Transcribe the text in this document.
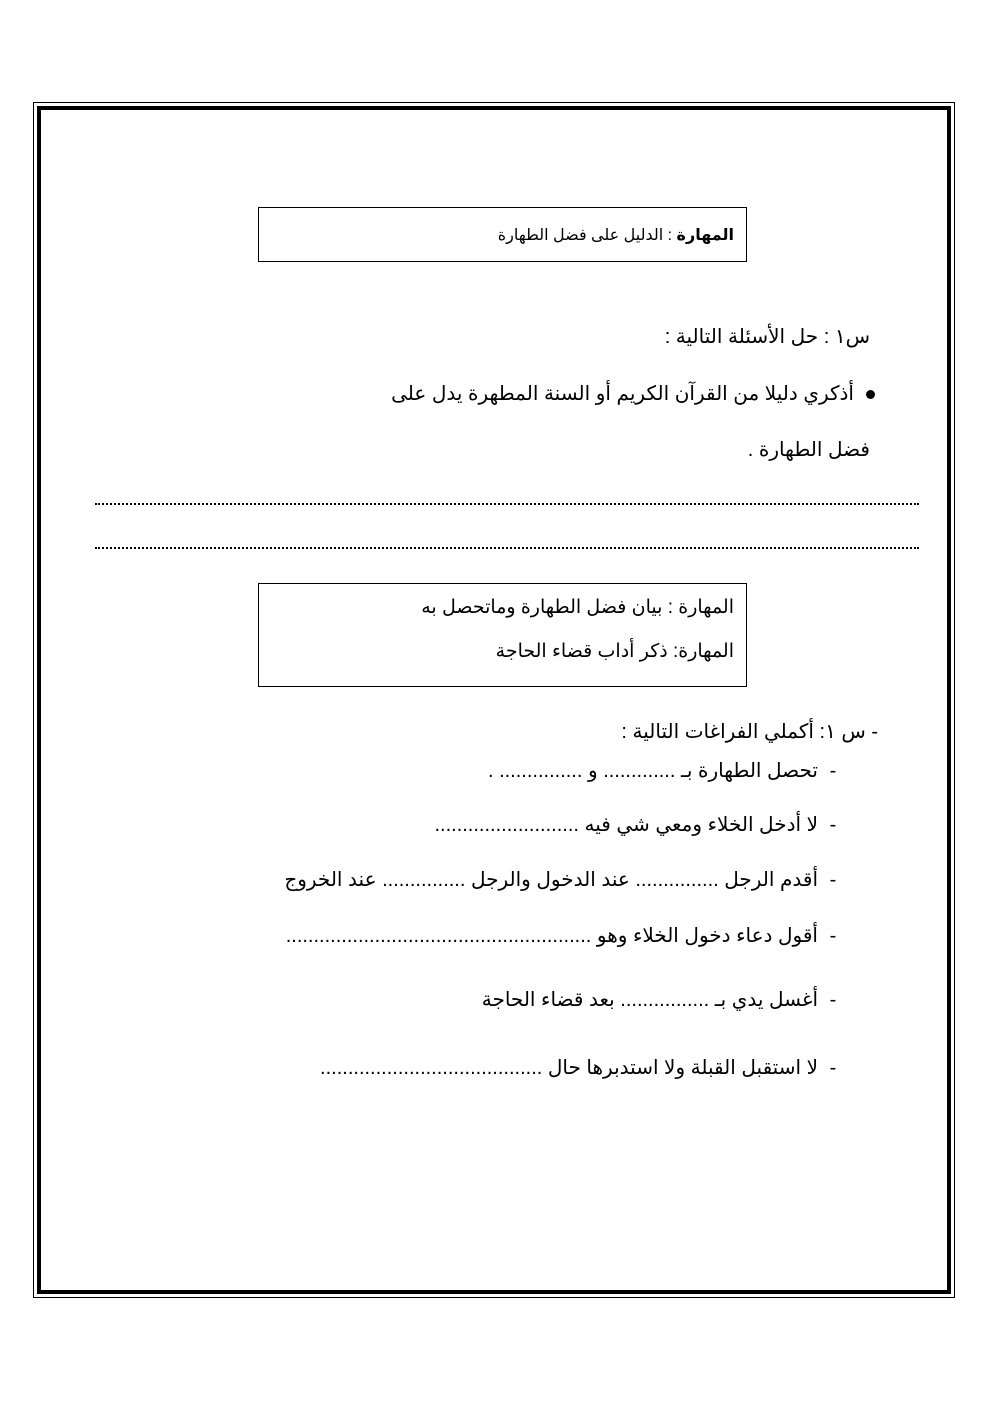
المهارة : الدليل على فضل الطهارة
س١ : حل الأسئلة التالية :
أذكري دليلا من القرآن الكريم أو السنة المطهرة يدل على
فضل الطهارة .
المهارة : بيان فضل الطهارة وماتحصل به
المهارة: ذكر أداب قضاء الحاجة
- س ١: أكملي الفراغات التالية :
-تحصل الطهارة بـ ............. و ............... .
-لا أدخل الخلاء ومعي شي فيه ..........................
-أقدم الرجل ............... عند الدخول والرجل ............... عند الخروج
-أقول دعاء دخول الخلاء وهو .......................................................
-أغسل يدي بـ ................ بعد قضاء الحاجة
-لا استقبل القبلة ولا استدبرها حال ........................................
